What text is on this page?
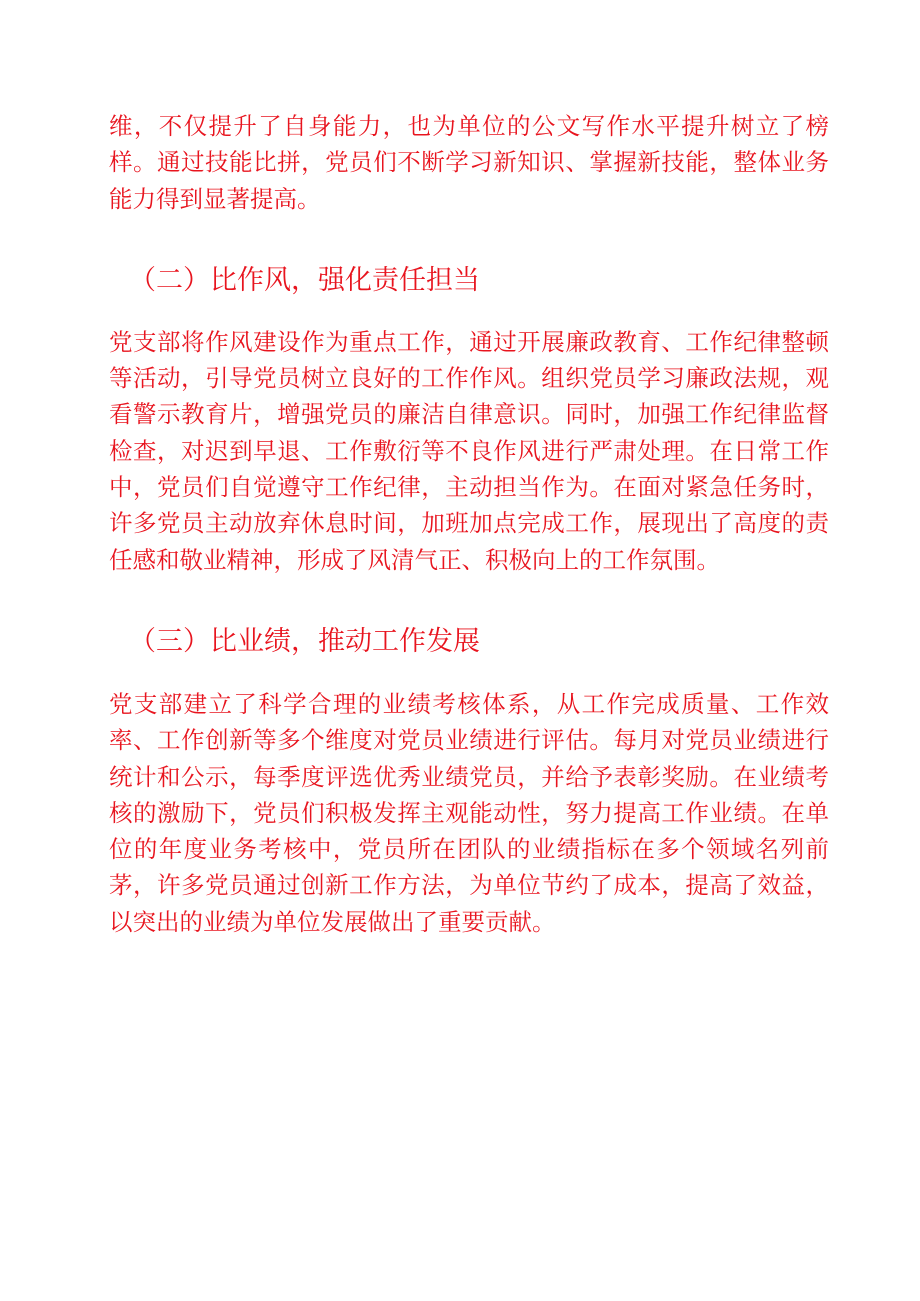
维，不仅提升了自身能力，也为单位的公文写作水平提升树立了榜样。通过技能比拼，党员们不断学习新知识、掌握新技能，整体业务能力得到显著提高。

（二）比作风，强化责任担当

党支部将作风建设作为重点工作，通过开展廉政教育、工作纪律整顿等活动，引导党员树立良好的工作作风。组织党员学习廉政法规，观看警示教育片，增强党员的廉洁自律意识。同时，加强工作纪律监督检查，对迟到早退、工作敷衍等不良作风进行严肃处理。在日常工作中，党员们自觉遵守工作纪律，主动担当作为。在面对紧急任务时，许多党员主动放弃休息时间，加班加点完成工作，展现出了高度的责任感和敬业精神，形成了风清气正、积极向上的工作氛围。

（三）比业绩，推动工作发展

党支部建立了科学合理的业绩考核体系，从工作完成质量、工作效率、工作创新等多个维度对党员业绩进行评估。每月对党员业绩进行统计和公示，每季度评选优秀业绩党员，并给予表彰奖励。在业绩考核的激励下，党员们积极发挥主观能动性，努力提高工作业绩。在单位的年度业务考核中，党员所在团队的业绩指标在多个领域名列前茅，许多党员通过创新工作方法，为单位节约了成本，提高了效益，以突出的业绩为单位发展做出了重要贡献。
